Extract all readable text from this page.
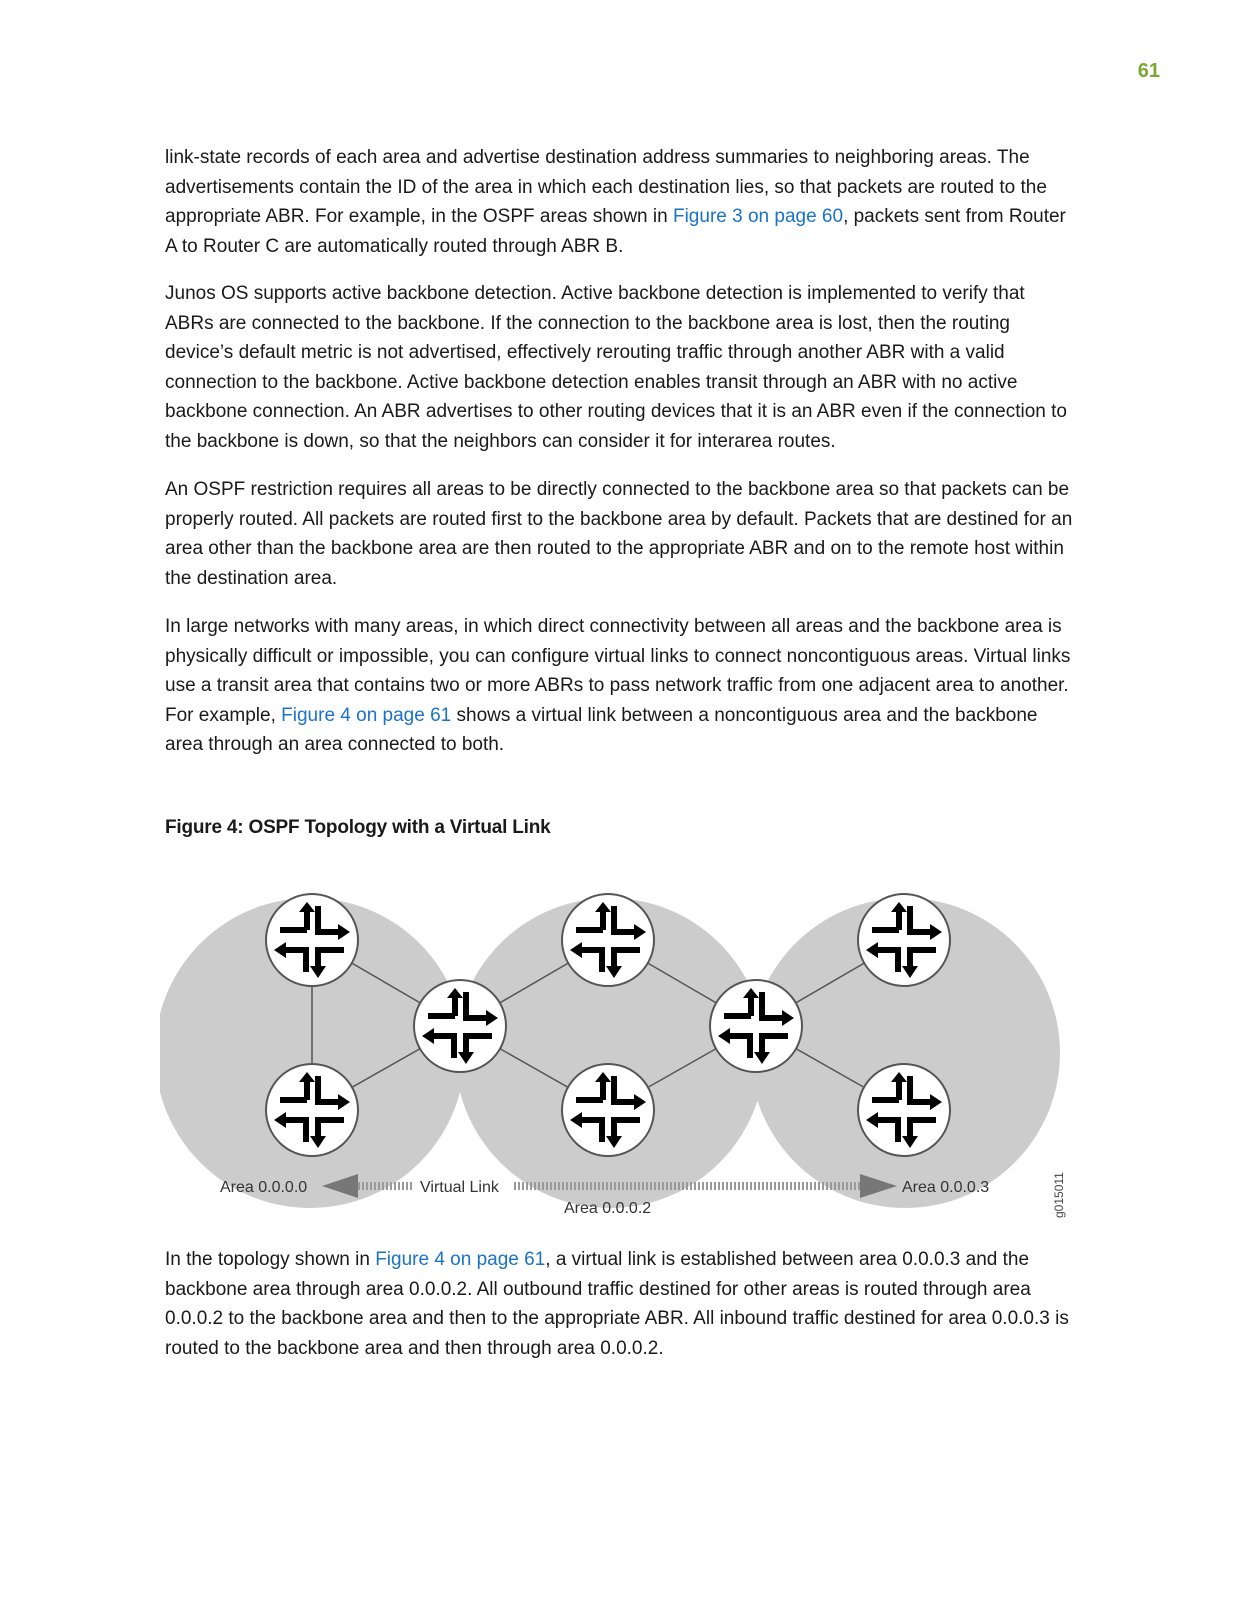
61

link-state records of each area and advertise destination address summaries to neighboring areas. The advertisements contain the ID of the area in which each destination lies, so that packets are routed to the appropriate ABR. For example, in the OSPF areas shown in Figure 3 on page 60, packets sent from Router A to Router C are automatically routed through ABR B.

Junos OS supports active backbone detection. Active backbone detection is implemented to verify that ABRs are connected to the backbone. If the connection to the backbone area is lost, then the routing device’s default metric is not advertised, effectively rerouting traffic through another ABR with a valid connection to the backbone. Active backbone detection enables transit through an ABR with no active backbone connection. An ABR advertises to other routing devices that it is an ABR even if the connection to the backbone is down, so that the neighbors can consider it for interarea routes.

An OSPF restriction requires all areas to be directly connected to the backbone area so that packets can be properly routed. All packets are routed first to the backbone area by default. Packets that are destined for an area other than the backbone area are then routed to the appropriate ABR and on to the remote host within the destination area.

In large networks with many areas, in which direct connectivity between all areas and the backbone area is physically difficult or impossible, you can configure virtual links to connect noncontiguous areas. Virtual links use a transit area that contains two or more ABRs to pass network traffic from one adjacent area to another. For example, Figure 4 on page 61 shows a virtual link between a noncontiguous area and the backbone area through an area connected to both.

Figure 4: OSPF Topology with a Virtual Link

Area 0.0.0.0	Virtual Link
Area 0.0.0.2
Area 0.0.0.3	g015011

In the topology shown in Figure 4 on page 61, a virtual link is established between area 0.0.0.3 and the backbone area through area 0.0.0.2. All outbound traffic destined for other areas is routed through area 0.0.0.2 to the backbone area and then to the appropriate ABR. All inbound traffic destined for area 0.0.0.3 is routed to the backbone area and then through area 0.0.0.2.
